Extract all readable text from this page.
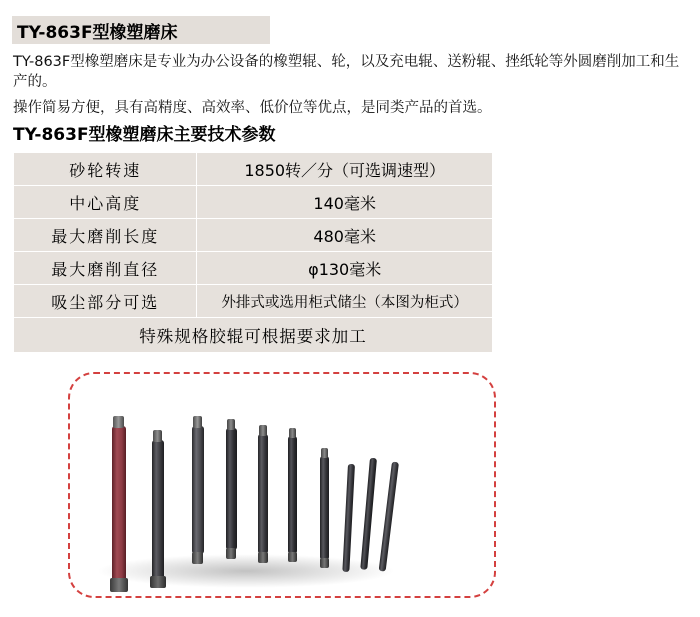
TY-863F型橡塑磨床

TY-863F型橡塑磨床是专业为办公设备的橡塑辊、轮，以及充电辊、送粉辊、挫纸轮等外圆磨削加工和生产的。

操作简易方便，具有高精度、高效率、低价位等优点，是同类产品的首选。

TY-863F型橡塑磨床主要技术参数
砂轮转速	1850转／分（可选调速型）
中心高度	140毫米
最大磨削长度	480毫米
最大磨削直径	φ130毫米
吸尘部分可选	外排式或选用柜式储尘（本图为柜式）
特殊规格胶辊可根据要求加工	
